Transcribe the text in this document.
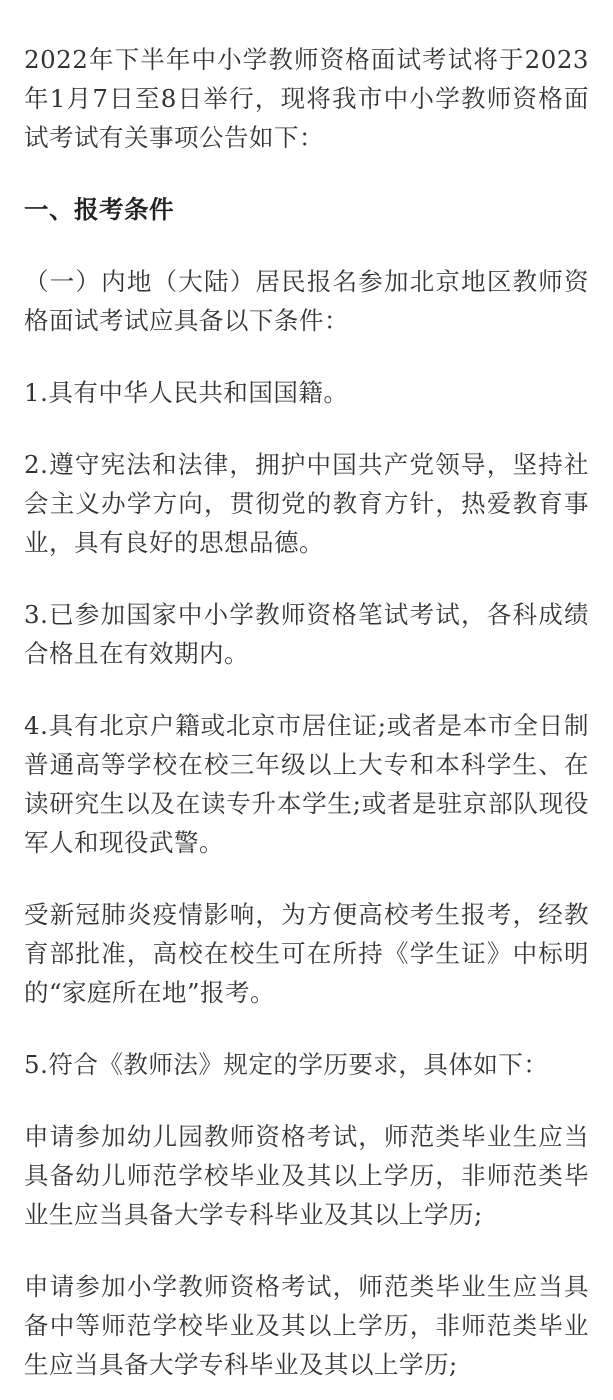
2022年下半年中小学教师资格面试考试将于2023年1月7日至8日举行，现将我市中小学教师资格面试考试有关事项公告如下：

一、报考条件

（一）内地（大陆）居民报名参加北京地区教师资格面试考试应具备以下条件：

1.具有中华人民共和国国籍。

2.遵守宪法和法律，拥护中国共产党领导，坚持社会主义办学方向，贯彻党的教育方针，热爱教育事业，具有良好的思想品德。

3.已参加国家中小学教师资格笔试考试，各科成绩合格且在有效期内。

4.具有北京户籍或北京市居住证;或者是本市全日制普通高等学校在校三年级以上大专和本科学生、在读研究生以及在读专升本学生;或者是驻京部队现役军人和现役武警。

受新冠肺炎疫情影响，为方便高校考生报考，经教育部批准，高校在校生可在所持《学生证》中标明的“家庭所在地”报考。

5.符合《教师法》规定的学历要求，具体如下：

申请参加幼儿园教师资格考试，师范类毕业生应当具备幼儿师范学校毕业及其以上学历，非师范类毕业生应当具备大学专科毕业及其以上学历;

申请参加小学教师资格考试，师范类毕业生应当具备中等师范学校毕业及其以上学历，非师范类毕业生应当具备大学专科毕业及其以上学历;
